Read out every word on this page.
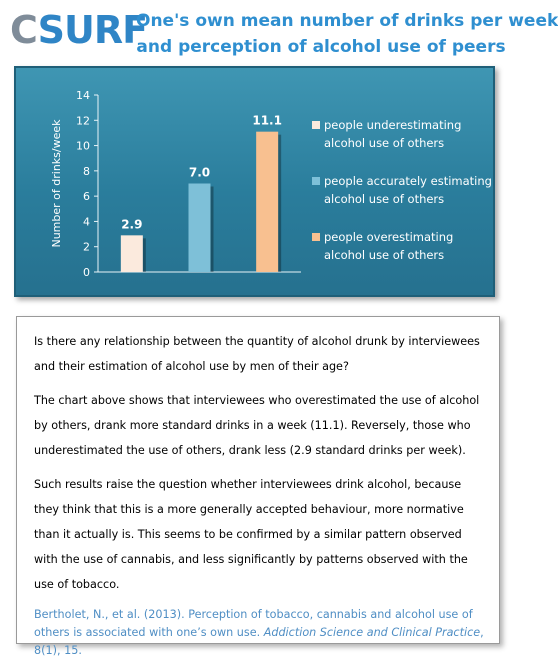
CSURF
One's own mean number of drinks per week
and perception of alcohol use of peers
0
2
4
6
8
10
12
14
Number of drinks/week	2.9
7.0
11.1	people underestimating alcohol use of others
people accurately estimating alcohol use of others
people overestimating alcohol use of others

Is there any relationship between the quantity of alcohol drunk by interviewees and their estimation of alcohol use by men of their age?

The chart above shows that interviewees who overestimated the use of alcohol by others, drank more standard drinks in a week (11.1). Reversely, those who underestimated the use of others, drank less (2.9 standard drinks per week).

Such results raise the question whether interviewees drink alcohol, because they think that this is a more generally accepted behaviour, more normative than it actually is. This seems to be confirmed by a similar pattern observed with the use of cannabis, and less significantly by patterns observed with the use of tobacco.

Bertholet, N., et al. (2013). Perception of tobacco, cannabis and alcohol use of others is associated with one’s own use. Addiction Science and Clinical Practice, 8(1), 15.
